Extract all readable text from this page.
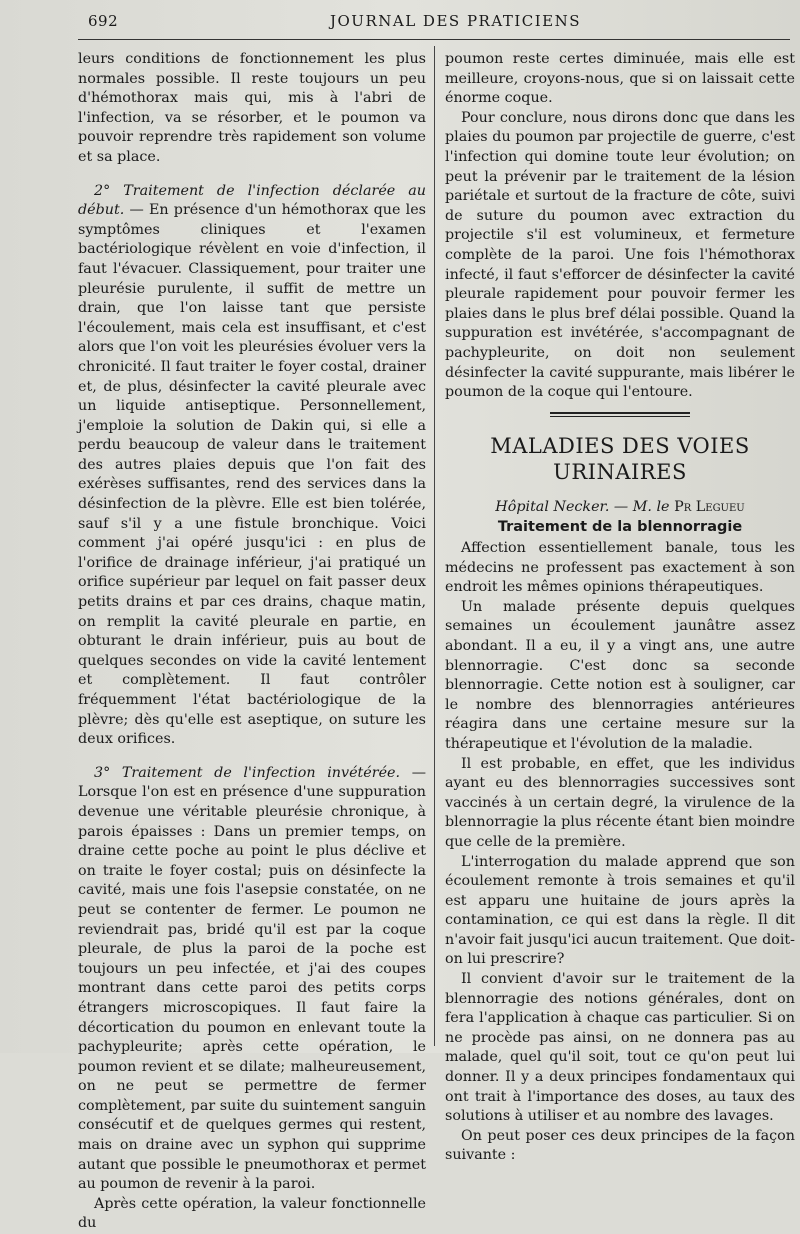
692	JOURNAL DES PRATICIENS

leurs conditions de fonctionnement les plus normales possible. Il reste toujours un peu d'hémothorax mais qui, mis à l'abri de l'infection, va se résorber, et le poumon va pouvoir reprendre très rapidement son volume et sa place.

2° Traitement de l'infection déclarée au début. — En présence d'un hémothorax que les symptômes cliniques et l'examen bactériologique révèlent en voie d'infection, il faut l'évacuer. Classiquement, pour traiter une pleurésie purulente, il suffit de mettre un drain, que l'on laisse tant que persiste l'écoulement, mais cela est insuffisant, et c'est alors que l'on voit les pleurésies évoluer vers la chronicité. Il faut traiter le foyer costal, drainer et, de plus, désinfecter la cavité pleurale avec un liquide antiseptique. Personnellement, j'emploie la solution de Dakin qui, si elle a perdu beaucoup de valeur dans le traitement des autres plaies depuis que l'on fait des exérèses suffisantes, rend des services dans la désinfection de la plèvre. Elle est bien tolérée, sauf s'il y a une fistule bronchique. Voici comment j'ai opéré jusqu'ici : en plus de l'orifice de drainage inférieur, j'ai pratiqué un orifice supérieur par lequel on fait passer deux petits drains et par ces drains, chaque matin, on remplit la cavité pleurale en partie, en obturant le drain inférieur, puis au bout de quelques secondes on vide la cavité lentement et complètement. Il faut contrôler fréquemment l'état bactériologique de la plèvre; dès qu'elle est aseptique, on suture les deux orifices.

3° Traitement de l'infection invétérée. — Lorsque l'on est en présence d'une suppuration devenue une véritable pleurésie chronique, à parois épaisses : Dans un premier temps, on draine cette poche au point le plus déclive et on traite le foyer costal; puis on désinfecte la cavité, mais une fois l'asepsie constatée, on ne peut se contenter de fermer. Le poumon ne reviendrait pas, bridé qu'il est par la coque pleurale, de plus la paroi de la poche est toujours un peu infectée, et j'ai des coupes montrant dans cette paroi des petits corps étrangers microscopiques. Il faut faire la décortication du poumon en enlevant toute la pachypleurite; après cette opération, le poumon revient et se dilate; malheureusement, on ne peut se permettre de fermer complètement, par suite du suintement sanguin consécutif et de quelques germes qui restent, mais on draine avec un syphon qui supprime autant que possible le pneumothorax et permet au poumon de revenir à la paroi.

Après cette opération, la valeur fonctionnelle du

poumon reste certes diminuée, mais elle est meilleure, croyons-nous, que si on laissait cette énorme coque.

Pour conclure, nous dirons donc que dans les plaies du poumon par projectile de guerre, c'est l'infection qui domine toute leur évolution; on peut la prévenir par le traitement de la lésion pariétale et surtout de la fracture de côte, suivi de suture du poumon avec extraction du projectile s'il est volumineux, et fermeture complète de la paroi. Une fois l'hémothorax infecté, il faut s'efforcer de désinfecter la cavité pleurale rapidement pour pouvoir fermer les plaies dans le plus bref délai possible. Quand la suppuration est invétérée, s'accompagnant de pachypleurite, on doit non seulement désinfecter la cavité suppurante, mais libérer le poumon de la coque qui l'entoure.

MALADIES DES VOIES URINAIRES
Hôpital Necker. — M. le Pr Legueu
Traitement de la blennorragie

Affection essentiellement banale, tous les médecins ne professent pas exactement à son endroit les mêmes opinions thérapeutiques.

Un malade présente depuis quelques semaines un écoulement jaunâtre assez abondant. Il a eu, il y a vingt ans, une autre blennorragie. C'est donc sa seconde blennorragie. Cette notion est à souligner, car le nombre des blennorragies antérieures réagira dans une certaine mesure sur la thérapeutique et l'évolution de la maladie.

Il est probable, en effet, que les individus ayant eu des blennorragies successives sont vaccinés à un certain degré, la virulence de la blennorragie la plus récente étant bien moindre que celle de la première.

L'interrogation du malade apprend que son écoulement remonte à trois semaines et qu'il est apparu une huitaine de jours après la contamination, ce qui est dans la règle. Il dit n'avoir fait jusqu'ici aucun traitement. Que doit-on lui prescrire?

Il convient d'avoir sur le traitement de la blennorragie des notions générales, dont on fera l'application à chaque cas particulier. Si on ne procède pas ainsi, on ne donnera pas au malade, quel qu'il soit, tout ce qu'on peut lui donner. Il y a deux principes fondamentaux qui ont trait à l'importance des doses, au taux des solutions à utiliser et au nombre des lavages.

On peut poser ces deux principes de la façon suivante :
